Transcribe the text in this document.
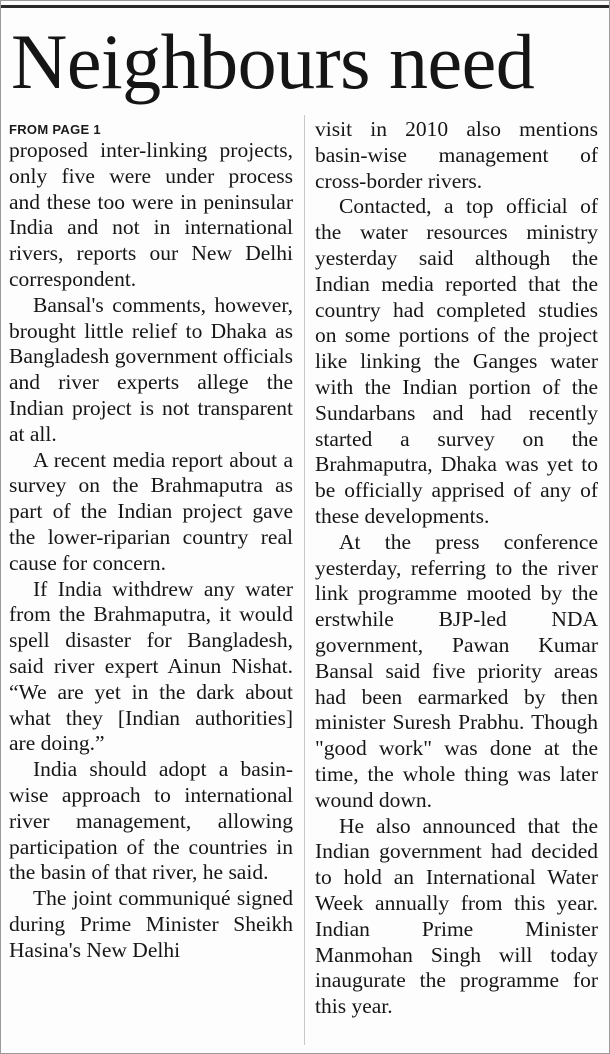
Neighbours need
FROM PAGE 1

proposed inter-linking projects, only five were under process and these too were in peninsular India and not in international rivers, reports our New Delhi correspondent.

Bansal's comments, however, brought little relief to Dhaka as Bangladesh government officials and river experts allege the Indian project is not transparent at all.

A recent media report about a survey on the Brahmaputra as part of the Indian project gave the lower-riparian country real cause for concern.

If India withdrew any water from the Brahmaputra, it would spell disaster for Bangladesh, said river expert Ainun Nishat. “We are yet in the dark about what they [Indian authorities] are doing.”

India should adopt a basin-wise approach to international river management, allowing participation of the countries in the basin of that river, he said.

The joint communiqué signed during Prime Minister Sheikh Hasina's New Delhi

visit in 2010 also mentions basin-wise management of cross-border rivers.

Contacted, a top official of the water resources ministry yesterday said although the Indian media reported that the country had completed studies on some portions of the project like linking the Ganges water with the Indian portion of the Sundarbans and had recently started a survey on the Brahmaputra, Dhaka was yet to be officially apprised of any of these developments.

At the press conference yesterday, referring to the river link programme mooted by the erstwhile BJP-led NDA government, Pawan Kumar Bansal said five priority areas had been earmarked by then minister Suresh Prabhu. Though "good work" was done at the time, the whole thing was later wound down.

He also announced that the Indian government had decided to hold an International Water Week annually from this year. Indian Prime Minister Manmohan Singh will today inaugurate the programme for this year.
